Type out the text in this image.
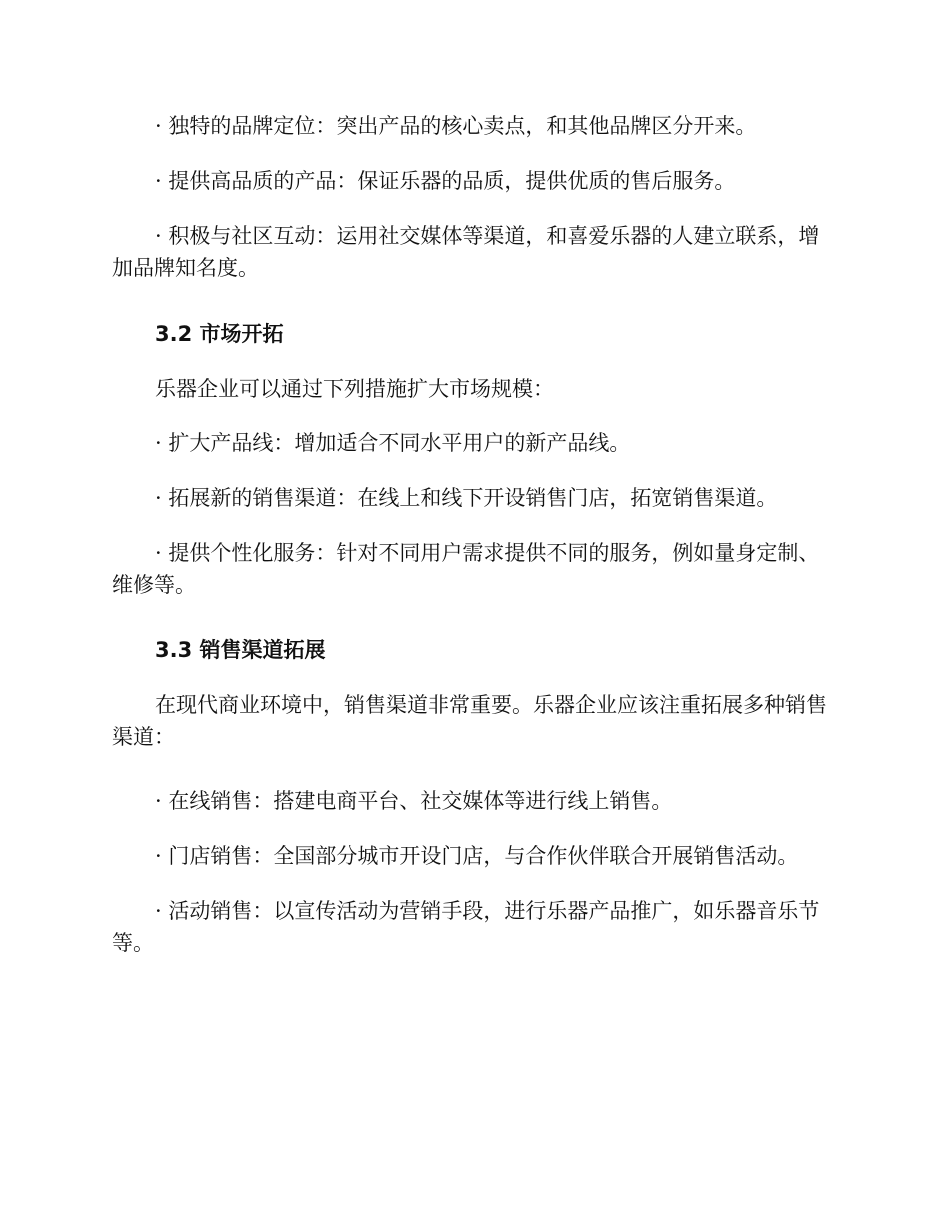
· 独特的品牌定位：突出产品的核心卖点，和其他品牌区分开来。

· 提供高品质的产品：保证乐器的品质，提供优质的售后服务。

· 积极与社区互动：运用社交媒体等渠道，和喜爱乐器的人建立联系，增加品牌知名度。

3.2 市场开拓

乐器企业可以通过下列措施扩大市场规模：

· 扩大产品线：增加适合不同水平用户的新产品线。

· 拓展新的销售渠道：在线上和线下开设销售门店，拓宽销售渠道。

· 提供个性化服务：针对不同用户需求提供不同的服务，例如量身定制、维修等。

3.3 销售渠道拓展

在现代商业环境中，销售渠道非常重要。乐器企业应该注重拓展多种销售渠道：

· 在线销售：搭建电商平台、社交媒体等进行线上销售。

· 门店销售：全国部分城市开设门店，与合作伙伴联合开展销售活动。

· 活动销售：以宣传活动为营销手段，进行乐器产品推广，如乐器音乐节等。
